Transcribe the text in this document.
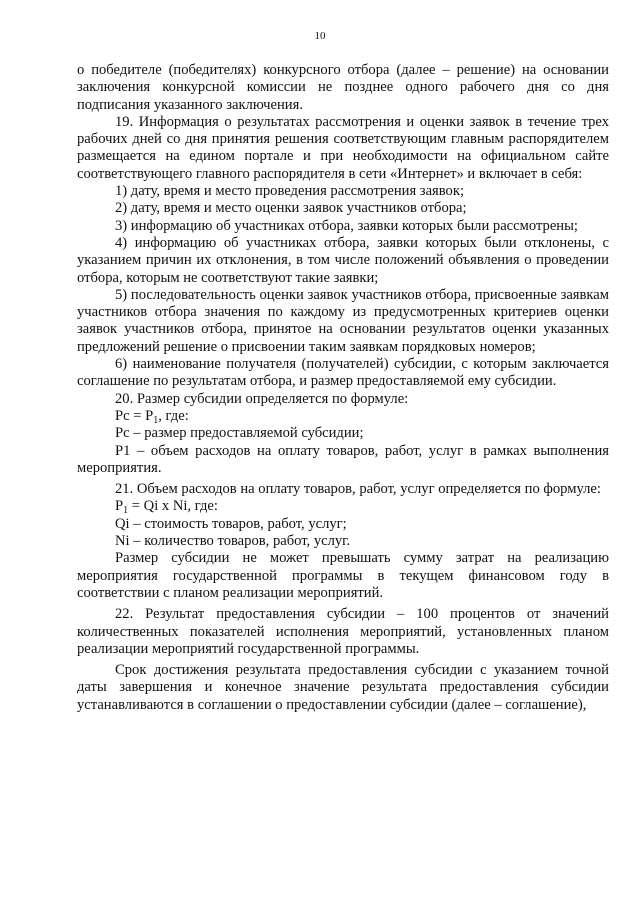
10

о победителе (победителях) конкурсного отбора (далее – решение) на основании заключения конкурсной комиссии не позднее одного рабочего дня со дня подписания указанного заключения.

19. Информация о результатах рассмотрения и оценки заявок в течение трех рабочих дней со дня принятия решения соответствующим главным распорядителем размещается на едином портале и при необходимости на официальном сайте соответствующего главного распорядителя в сети «Интернет» и включает в себя:

1) дату, время и место проведения рассмотрения заявок;

2) дату, время и место оценки заявок участников отбора;

3) информацию об участниках отбора, заявки которых были рассмотрены;

4) информацию об участниках отбора, заявки которых были отклонены, с указанием причин их отклонения, в том числе положений объявления о проведении отбора, которым не соответствуют такие заявки;

5) последовательность оценки заявок участников отбора, присвоенные заявкам участников отбора значения по каждому из предусмотренных критериев оценки заявок участников отбора, принятое на основании результатов оценки указанных предложений решение о присвоении таким заявкам порядковых номеров;

6) наименование получателя (получателей) субсидии, с которым заключается соглашение по результатам отбора, и размер предоставляемой ему субсидии.

20. Размер субсидии определяется по формуле:

Рс = $Р_1$, где:

Рс – размер предоставляемой субсидии;

Р1 – объем расходов на оплату товаров, работ, услуг в рамках выполнения мероприятия.

21. Объем расходов на оплату товаров, работ, услуг определяется по формуле:

$Р_1 = Qi$ x Ni, где:

Qi – стоимость товаров, работ, услуг;

Ni – количество товаров, работ, услуг.

Размер субсидии не может превышать сумму затрат на реализацию мероприятия государственной программы в текущем финансовом году в соответствии с планом реализации мероприятий.

22. Результат предоставления субсидии – 100 процентов от значений количественных показателей исполнения мероприятий, установленных планом реализации мероприятий государственной программы.

Срок достижения результата предоставления субсидии с указанием точной даты завершения и конечное значение результата предоставления субсидии устанавливаются в соглашении о предоставлении субсидии (далее – соглашение),
